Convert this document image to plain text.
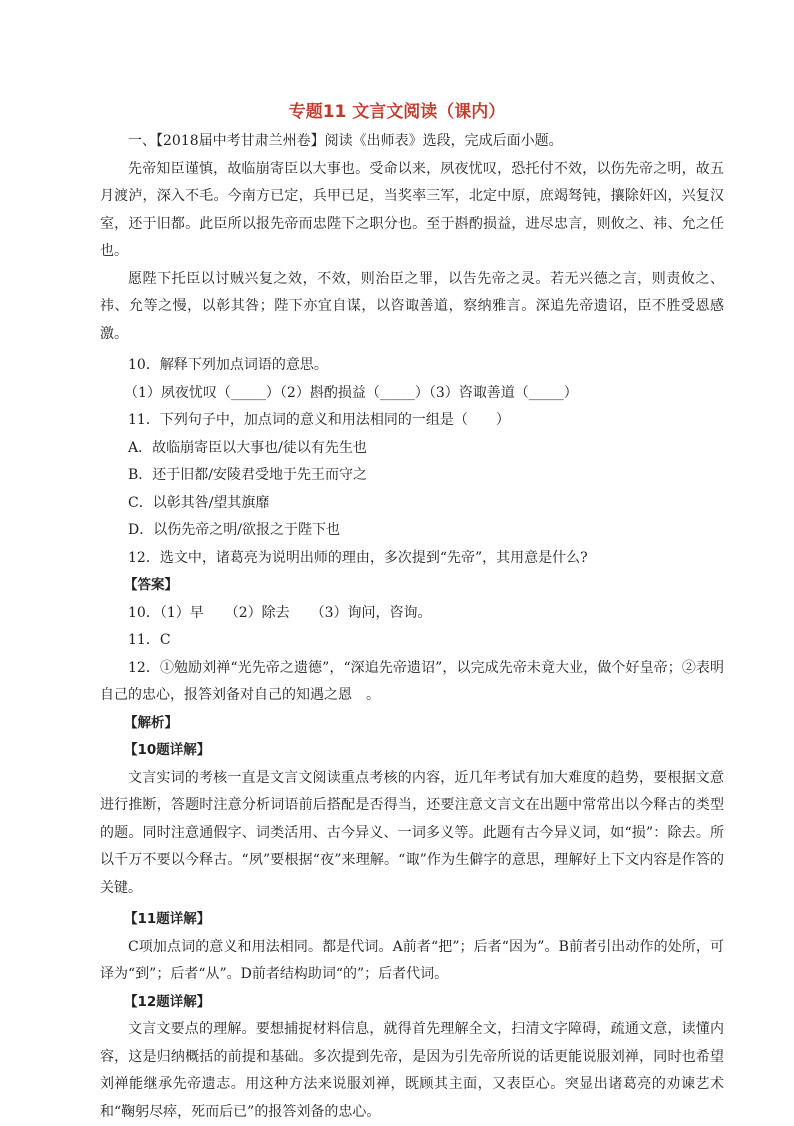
专题11 文言文阅读（课内）

一、【2018届中考甘肃兰州卷】阅读《出师表》选段，完成后面小题。

先帝知臣谨慎，故临崩寄臣以大事也。受命以来，夙夜忧叹，恐托付不效，以伤先帝之明，故五月渡泸，深入不毛。今南方已定，兵甲已足，当奖率三军，北定中原，庶竭驽钝，攘除奸凶，兴复汉室，还于旧都。此臣所以报先帝而忠陛下之职分也。至于斟酌损益，进尽忠言，则攸之、祎、允之任也。

愿陛下托臣以讨贼兴复之效，不效，则治臣之罪，以告先帝之灵。若无兴德之言，则责攸之、祎、允等之慢，以彰其咎；陛下亦宜自谋，以咨诹善道，察纳雅言。深追先帝遗诏，臣不胜受恩感激。

10．解释下列加点词语的意思。

（1）夙夜忧叹（_____）（2）斟酌损益（_____）（3）咨诹善道（_____）

11．下列句子中，加点词的意义和用法相同的一组是（　　）

A．故临崩寄臣以大事也/徒以有先生也

B．还于旧都/安陵君受地于先王而守之

C．以彰其咎/望其旗靡

D．以伤先帝之明/欲报之于陛下也

12．选文中，诸葛亮为说明出师的理由，多次提到“先帝”，其用意是什么?

【答案】

10．（1）早　　（2）除去　　（3）询问，咨询。

11．C

12．①勉励刘禅“光先帝之遗德”，“深追先帝遗诏”，以完成先帝未竟大业，做个好皇帝；②表明自己的忠心，报答刘备对自己的知遇之恩　。

【解析】

【10题详解】

文言实词的考核一直是文言文阅读重点考核的内容，近几年考试有加大难度的趋势，要根据文意进行推断，答题时注意分析词语前后搭配是否得当，还要注意文言文在出题中常常出以今释古的类型的题。同时注意通假字、词类活用、古今异义、一词多义等。此题有古今异义词，如“损”：除去。所以千万不要以今释古。“夙”要根据“夜”来理解。“诹”作为生僻字的意思，理解好上下文内容是作答的关键。

【11题详解】

C项加点词的意义和用法相同。都是代词。A前者“把”；后者“因为”。B前者引出动作的处所，可译为“到”；后者“从”。D前者结构助词“的”；后者代词。

【12题详解】

文言文要点的理解。要想捕捉材料信息，就得首先理解全文，扫清文字障碍，疏通文意，读懂内容，这是归纳概括的前提和基础。多次提到先帝，是因为引先帝所说的话更能说服刘禅，同时也希望刘禅能继承先帝遗志。用这种方法来说服刘禅，既顾其主面，又表臣心。突显出诸葛亮的劝谏艺术和“鞠躬尽瘁，死而后已”的报答刘备的忠心。
